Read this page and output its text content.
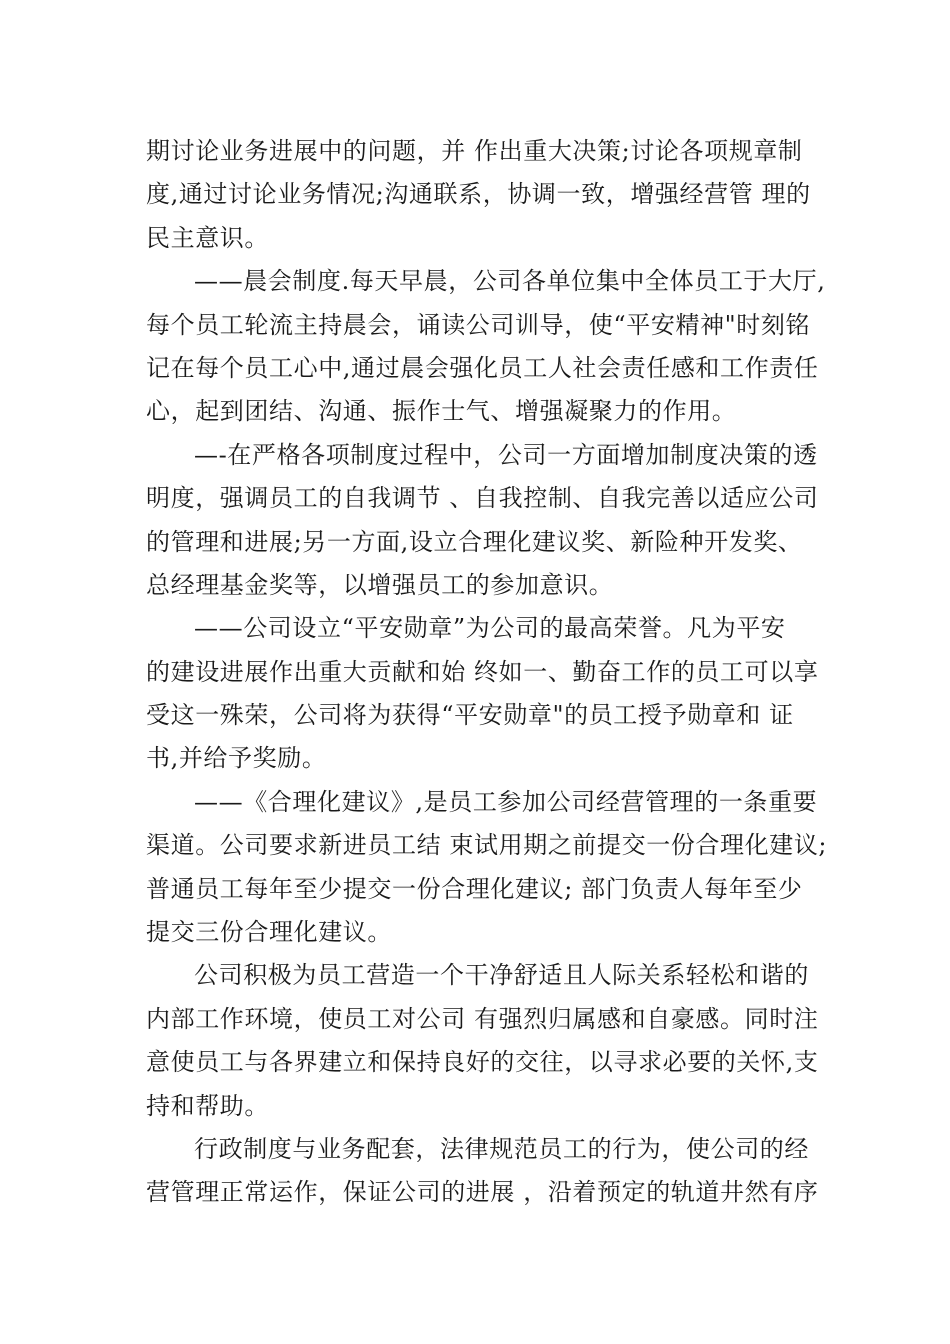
期讨论业务进展中的问题，并 作出重大决策;讨论各项规章制
度,通过讨论业务情况;沟通联系，协调一致，增强经营管 理的
民主意识。
——晨会制度.每天早晨，公司各单位集中全体员工于大厅,
每个员工轮流主持晨会，诵读公司训导，使“平安精神"时刻铭
记在每个员工心中,通过晨会强化员工人社会责任感和工作责任
心，起到团结、沟通、振作士气、增强凝聚力的作用。
—-在严格各项制度过程中，公司一方面增加制度决策的透
明度，强调员工的自我调节 、自我控制、自我完善以适应公司
的管理和进展;另一方面,设立合理化建议奖、新险种开发奖、
总经理基金奖等，以增强员工的参加意识。
——公司设立“平安勋章”为公司的最高荣誉。凡为平安
的建设进展作出重大贡献和始 终如一、勤奋工作的员工可以享
受这一殊荣，公司将为获得“平安勋章"的员工授予勋章和 证
书,并给予奖励。
——《合理化建议》,是员工参加公司经营管理的一条重要
渠道。公司要求新进员工结 束试用期之前提交一份合理化建议;
普通员工每年至少提交一份合理化建议; 部门负责人每年至少
提交三份合理化建议。
公司积极为员工营造一个干净舒适且人际关系轻松和谐的
内部工作环境，使员工对公司 有强烈归属感和自豪感。同时注
意使员工与各界建立和保持良好的交往，以寻求必要的关怀,支
持和帮助。
行政制度与业务配套，法律规范员工的行为，使公司的经
营管理正常运作，保证公司的进展 ，沿着预定的轨道井然有序
